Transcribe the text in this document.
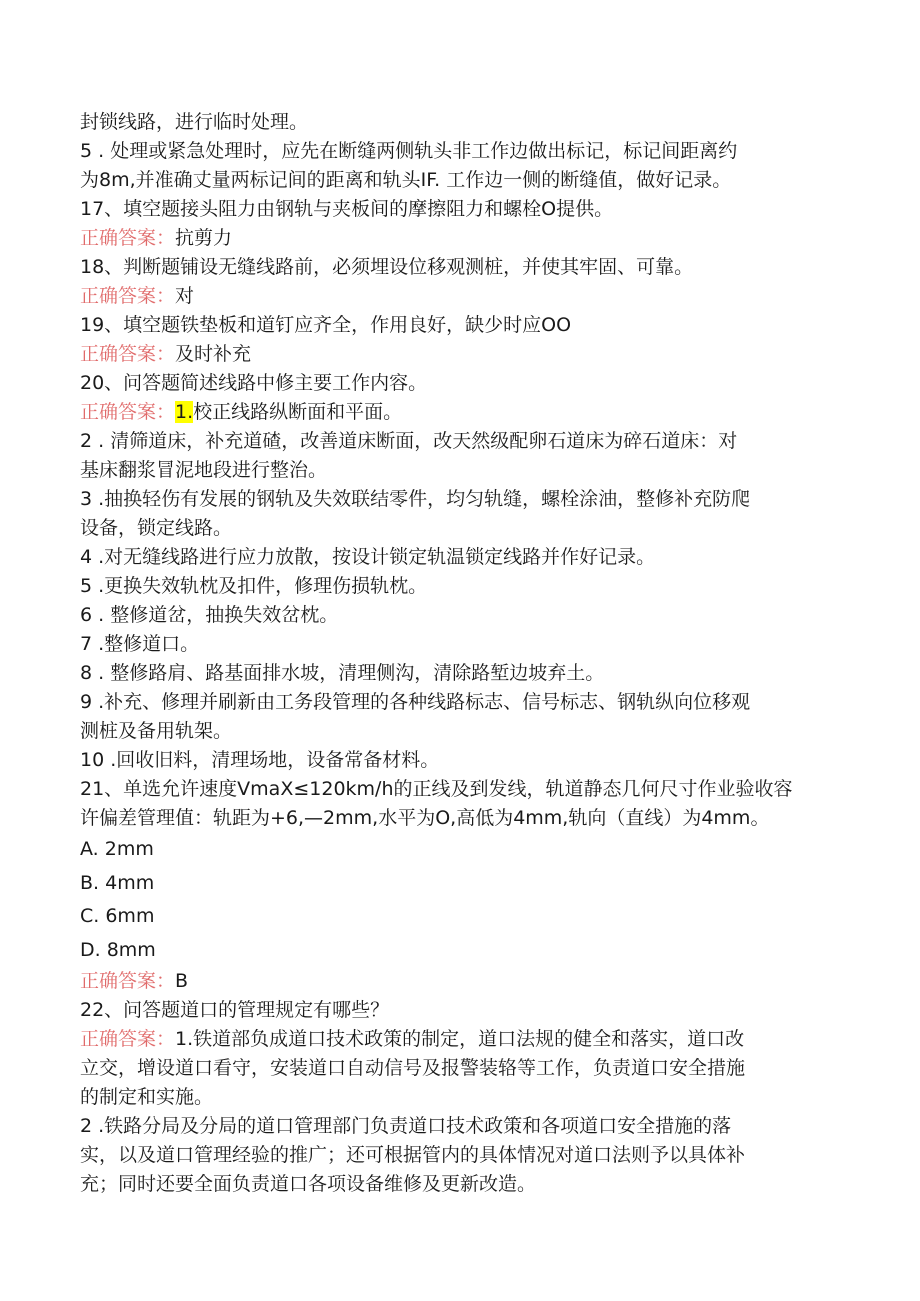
封锁线路，进行临时处理。
5 . 处理或紧急处理时，应先在断缝两侧轨头非工作边做出标记，标记间距离约
为8m,并准确丈量两标记间的距离和轨头IF. 工作边一侧的断缝值，做好记录。
17、填空题接头阻力由钢轨与夹板间的摩擦阻力和螺栓O提供。
正确答案：抗剪力
18、判断题铺设无缝线路前，必须埋设位移观测桩，并使其牢固、可靠。
正确答案：对
19、填空题铁垫板和道钉应齐全，作用良好，缺少时应OO
正确答案：及时补充
20、问答题简述线路中修主要工作内容。
正确答案：1.校正线路纵断面和平面。
2 . 清筛道床，补充道碴，改善道床断面，改天然级配卵石道床为碎石道床：对
基床翻浆冒泥地段进行整治。
3 .抽换轻伤有发展的钢轨及失效联结零件，均匀轨缝，螺栓涂油，整修补充防爬
设备，锁定线路。
4 .对无缝线路进行应力放散，按设计锁定轨温锁定线路并作好记录。
5 .更换失效轨枕及扣件，修理伤损轨枕。
6 . 整修道岔，抽换失效岔枕。
7 .整修道口。
8 . 整修路肩、路基面排水坡，清理侧沟，清除路堑边坡弃土。
9 .补充、修理并刷新由工务段管理的各种线路标志、信号标志、钢轨纵向位移观
测桩及备用轨架。
10 .回收旧料，清理场地，设备常备材料。
21、单选允许速度VmaX≤120km∕h的正线及到发线，轨道静态几何尺寸作业验收容
许偏差管理值：轨距为+6,—2mm,水平为O,高低为4mm,轨向（直线）为4mm。
A. 2mm
B. 4mm
C. 6mm
D. 8mm
正确答案：B
22、问答题道口的管理规定有哪些？
正确答案：1.铁道部负成道口技术政策的制定，道口法规的健全和落实，道口改
立交，增设道口看守，安装道口自动信号及报警装辂等工作，负责道口安全措施
的制定和实施。
2 .铁路分局及分局的道口管理部门负责道口技术政策和各项道口安全措施的落
实，以及道口管理经验的推广；还可根据管内的具体情况对道口法则予以具体补
充；同时还要全面负责道口各项设备维修及更新改造。
